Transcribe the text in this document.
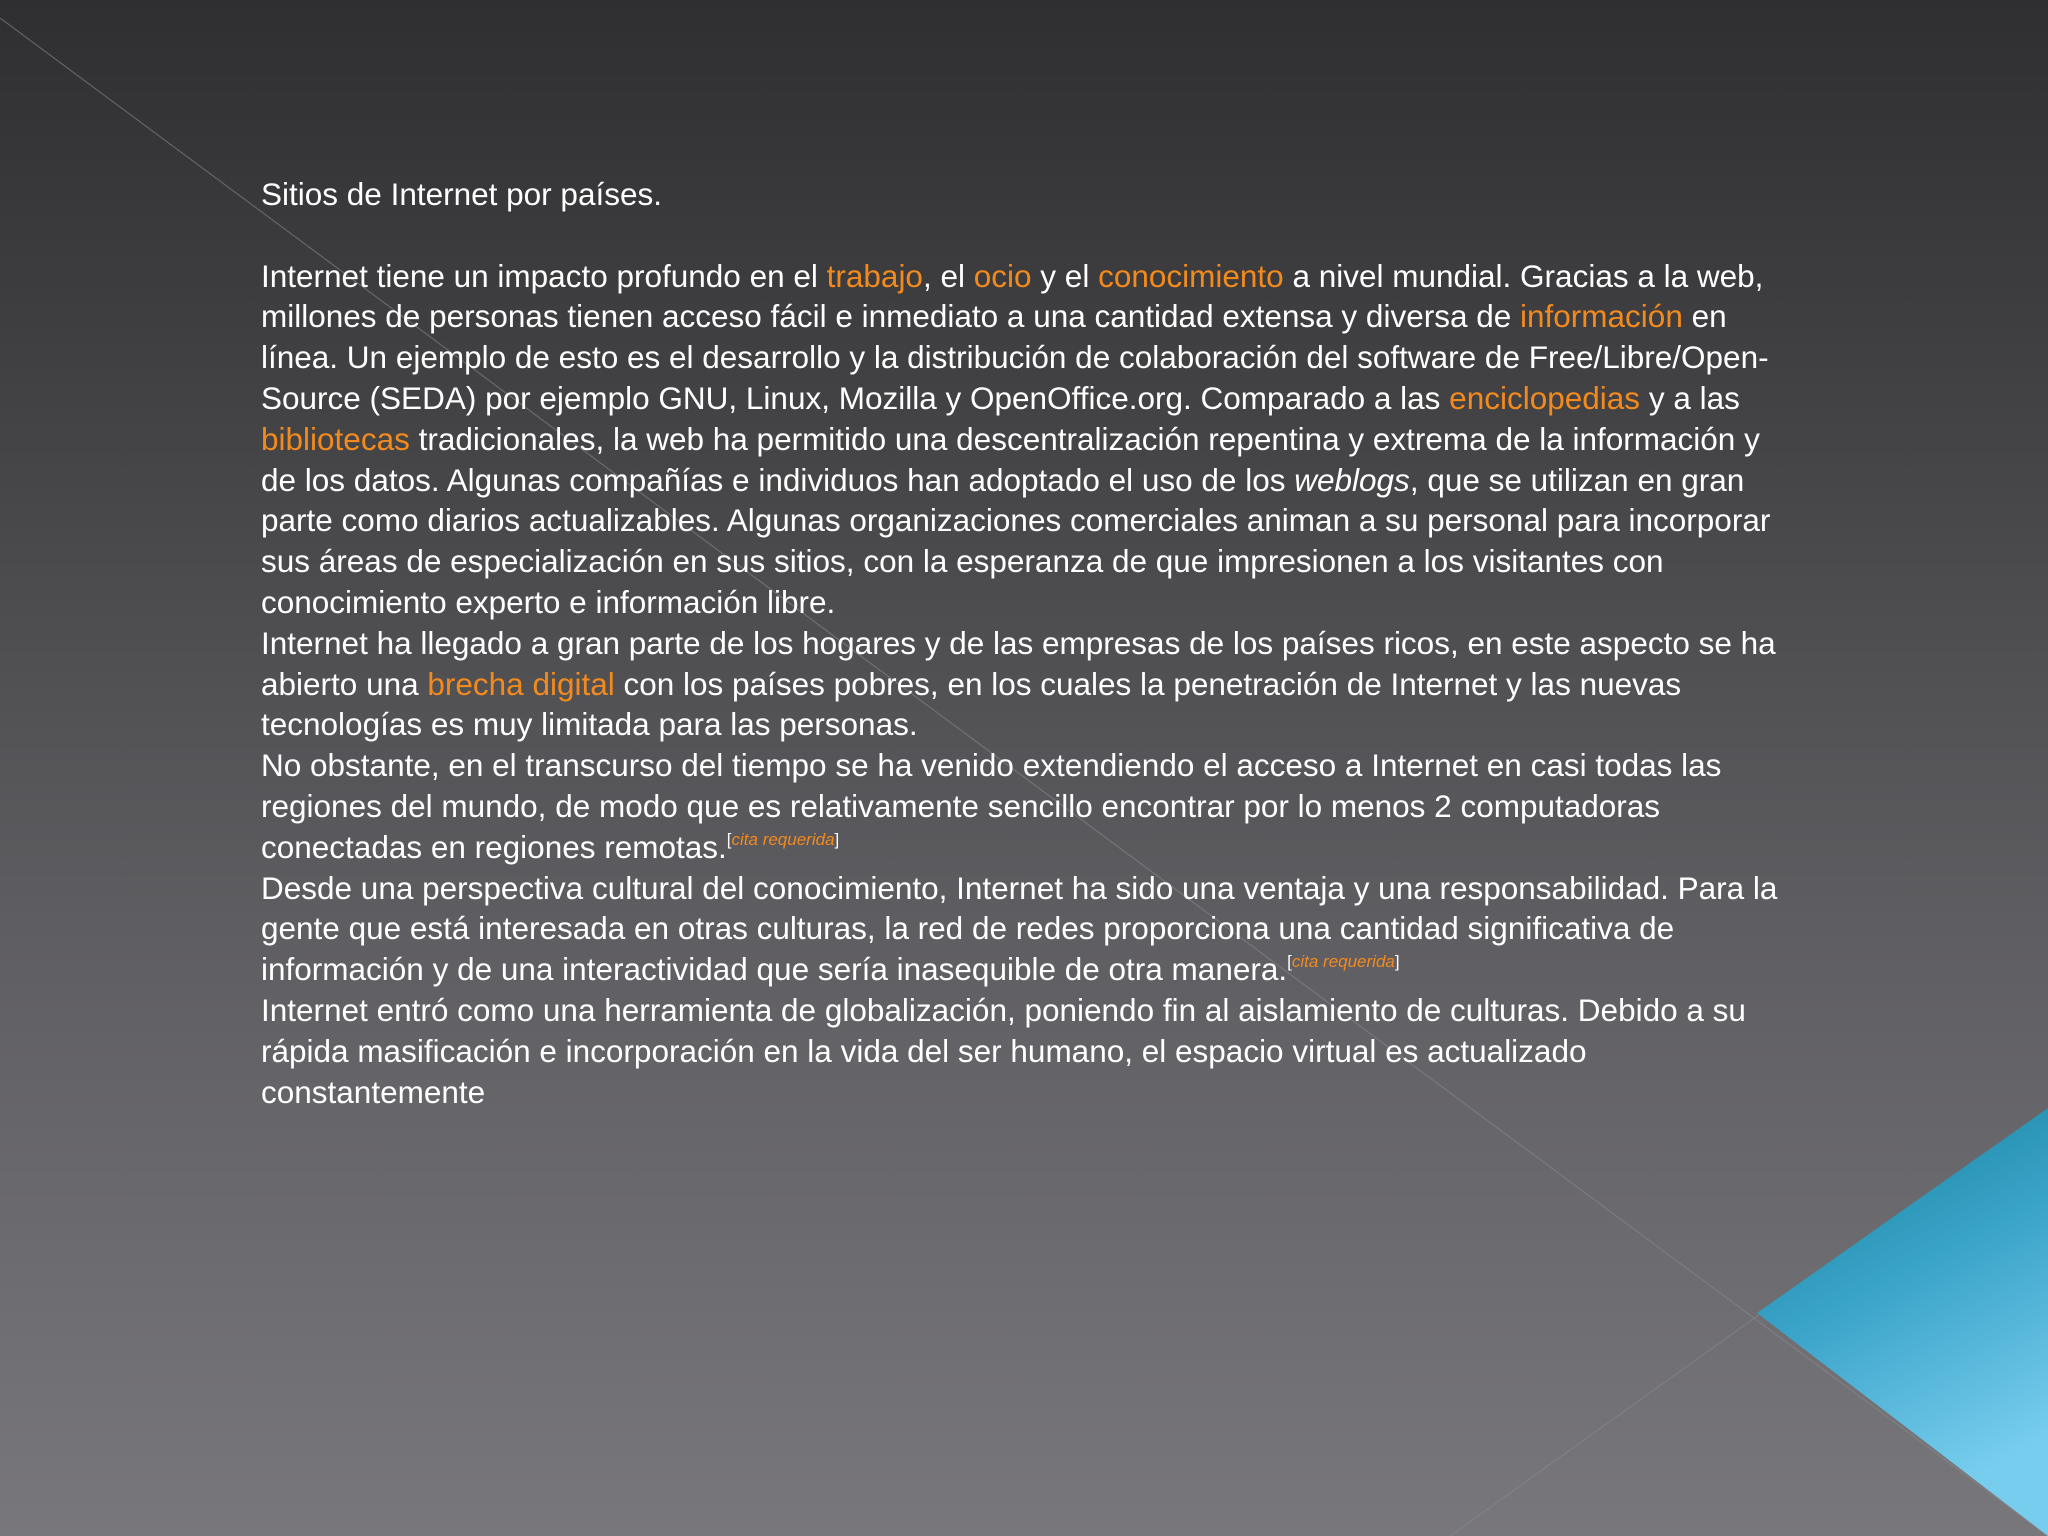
Sitios de Internet por países.

Internet tiene un impacto profundo en el trabajo, el ocio y el conocimiento a nivel mundial. Gracias a la web, millones de personas tienen acceso fácil e inmediato a una cantidad extensa y diversa de información en línea. Un ejemplo de esto es el desarrollo y la distribución de colaboración del software de Free/Libre/Open-Source (SEDA) por ejemplo GNU, Linux, Mozilla y OpenOffice.org. Comparado a las enciclopedias y a las bibliotecas tradicionales, la web ha permitido una descentralización repentina y extrema de la información y de los datos. Algunas compañías e individuos han adoptado el uso de los weblogs, que se utilizan en gran parte como diarios actualizables. Algunas organizaciones comerciales animan a su personal para incorporar sus áreas de especialización en sus sitios, con la esperanza de que impresionen a los visitantes con conocimiento experto e información libre.

Internet ha llegado a gran parte de los hogares y de las empresas de los países ricos, en este aspecto se ha abierto una brecha digital con los países pobres, en los cuales la penetración de Internet y las nuevas tecnologías es muy limitada para las personas.

No obstante, en el transcurso del tiempo se ha venido extendiendo el acceso a Internet en casi todas las regiones del mundo, de modo que es relativamente sencillo encontrar por lo menos 2 computadoras conectadas en regiones remotas.[cita requerida]

Desde una perspectiva cultural del conocimiento, Internet ha sido una ventaja y una responsabilidad. Para la gente que está interesada en otras culturas, la red de redes proporciona una cantidad significativa de información y de una interactividad que sería inasequible de otra manera.[cita requerida]

Internet entró como una herramienta de globalización, poniendo fin al aislamiento de culturas. Debido a su rápida masificación e incorporación en la vida del ser humano, el espacio virtual es actualizado constantemente
